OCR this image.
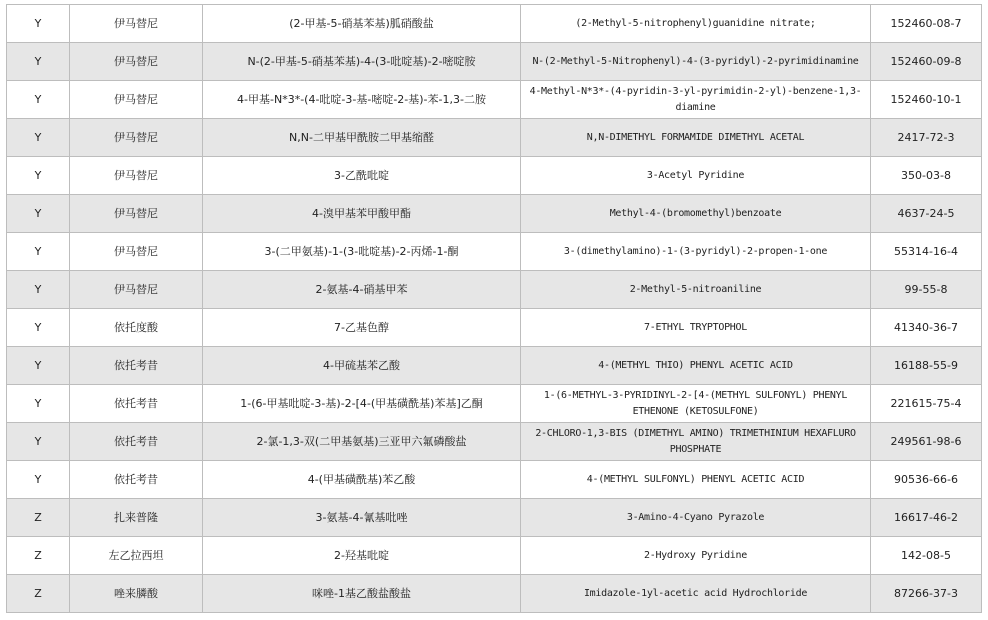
Y	伊马替尼	(2-甲基-5-硝基苯基)胍硝酸盐	(2-Methyl-5-nitrophenyl)guanidine nitrate;	152460-08-7
Y	伊马替尼	N-(2-甲基-5-硝基苯基)-4-(3-吡啶基)-2-嘧啶胺	N-(2-Methyl-5-Nitrophenyl)-4-(3-pyridyl)-2-pyrimidinamine	152460-09-8
Y	伊马替尼	4-甲基-N*3*-(4-吡啶-3-基-嘧啶-2-基)-苯-1,3-二胺	4-Methyl-N*3*-(4-pyridin-3-yl-pyrimidin-2-yl)-benzene-1,3-diamine	152460-10-1
Y	伊马替尼	N,N-二甲基甲酰胺二甲基缩醛	N,N-DIMETHYL FORMAMIDE DIMETHYL ACETAL	2417-72-3
Y	伊马替尼	3-乙酰吡啶	3-Acetyl Pyridine	350-03-8
Y	伊马替尼	4-溴甲基苯甲酸甲酯	Methyl-4-(bromomethyl)benzoate	4637-24-5
Y	伊马替尼	3-(二甲氨基)-1-(3-吡啶基)-2-丙烯-1-酮	3-(dimethylamino)-1-(3-pyridyl)-2-propen-1-one	55314-16-4
Y	伊马替尼	2-氨基-4-硝基甲苯	2-Methyl-5-nitroaniline	99-55-8
Y	依托度酸	7-乙基色醇	7-ETHYL TRYPTOPHOL	41340-36-7
Y	依托考昔	4-甲硫基苯乙酸	4-(METHYL THIO) PHENYL ACETIC ACID	16188-55-9
Y	依托考昔	1-(6-甲基吡啶-3-基)-2-[4-(甲基磺酰基)苯基]乙酮	1-(6-METHYL-3-PYRIDINYL-2-[4-(METHYL SULFONYL) PHENYL ETHENONE (KETOSULFONE)	221615-75-4
Y	依托考昔	2-氯-1,3-双(二甲基氨基)三亚甲六氟磷酸盐	2-CHLORO-1,3-BIS (DIMETHYL AMINO) TRIMETHINIUM HEXAFLURO PHOSPHATE	249561-98-6
Y	依托考昔	4-(甲基磺酰基)苯乙酸	4-(METHYL SULFONYL) PHENYL ACETIC ACID	90536-66-6
Z	扎来普隆	3-氨基-4-氰基吡唑	3-Amino-4-Cyano Pyrazole	16617-46-2
Z	左乙拉西坦	2-羟基吡啶	2-Hydroxy Pyridine	142-08-5
Z	唑来膦酸	咪唑-1基乙酸盐酸盐	Imidazole-1yl-acetic acid Hydrochloride	87266-37-3
